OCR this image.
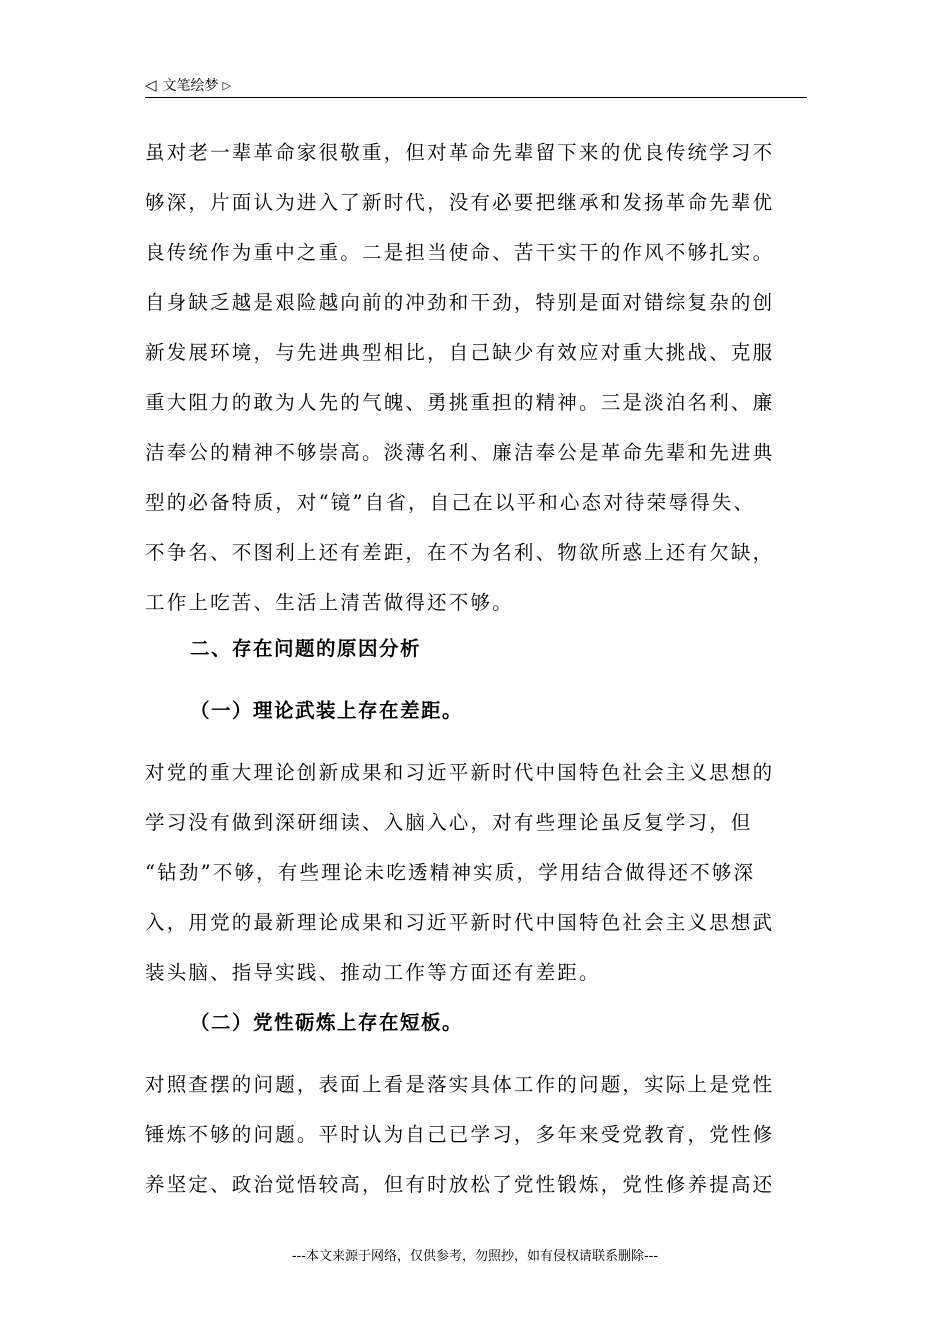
◁ 文笔绘梦 ▷
虽对老一辈革命家很敬重，但对革命先辈留下来的优良传统学习不
够深，片面认为进入了新时代，没有必要把继承和发扬革命先辈优
良传统作为重中之重。二是担当使命、苦干实干的作风不够扎实。
自身缺乏越是艰险越向前的冲劲和干劲，特别是面对错综复杂的创
新发展环境，与先进典型相比，自己缺少有效应对重大挑战、克服
重大阻力的敢为人先的气魄、勇挑重担的精神。三是淡泊名利、廉
洁奉公的精神不够崇高。淡薄名利、廉洁奉公是革命先辈和先进典
型的必备特质，对“镜”自省，自己在以平和心态对待荣辱得失、
不争名、不图利上还有差距，在不为名利、物欲所惑上还有欠缺，
工作上吃苦、生活上清苦做得还不够。
二、存在问题的原因分析
（一）理论武装上存在差距。
对党的重大理论创新成果和习近平新时代中国特色社会主义思想的
学习没有做到深研细读、入脑入心，对有些理论虽反复学习，但
“钻劲”不够，有些理论未吃透精神实质，学用结合做得还不够深
入，用党的最新理论成果和习近平新时代中国特色社会主义思想武
装头脑、指导实践、推动工作等方面还有差距。
（二）党性砺炼上存在短板。
对照查摆的问题，表面上看是落实具体工作的问题，实际上是党性
锤炼不够的问题。平时认为自己已学习，多年来受党教育，党性修
养坚定、政治觉悟较高，但有时放松了党性锻炼，党性修养提高还
---本文来源于网络，仅供参考，勿照抄，如有侵权请联系删除---
